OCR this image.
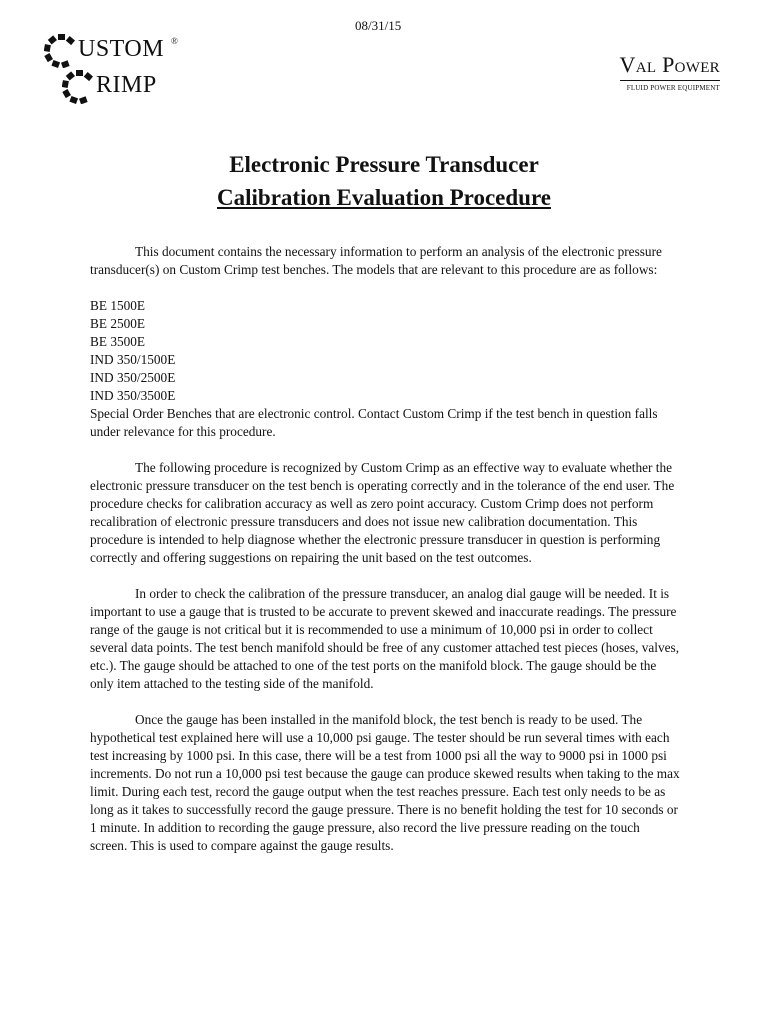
USTOM ®
RIMP
08/31/15
Val Power
FLUID POWER EQUIPMENT
Electronic Pressure Transducer
Calibration Evaluation Procedure

This document contains the necessary information to perform an analysis of the electronic pressure transducer(s) on Custom Crimp test benches. The models that are relevant to this procedure are as follows:

BE 1500E
BE 2500E
BE 3500E
IND 350/1500E
IND 350/2500E
IND 350/3500E
Special Order Benches that are electronic control. Contact Custom Crimp if the test bench in question falls under relevance for this procedure.

The following procedure is recognized by Custom Crimp as an effective way to evaluate whether the electronic pressure transducer on the test bench is operating correctly and in the tolerance of the end user. The procedure checks for calibration accuracy as well as zero point accuracy. Custom Crimp does not perform recalibration of electronic pressure transducers and does not issue new calibration documentation. This procedure is intended to help diagnose whether the electronic pressure transducer in question is performing correctly and offering suggestions on repairing the unit based on the test outcomes.

In order to check the calibration of the pressure transducer, an analog dial gauge will be needed. It is important to use a gauge that is trusted to be accurate to prevent skewed and inaccurate readings. The pressure range of the gauge is not critical but it is recommended to use a minimum of 10,000 psi in order to collect several data points. The test bench manifold should be free of any customer attached test pieces (hoses, valves, etc.). The gauge should be attached to one of the test ports on the manifold block. The gauge should be the only item attached to the testing side of the manifold.

Once the gauge has been installed in the manifold block, the test bench is ready to be used. The hypothetical test explained here will use a 10,000 psi gauge. The tester should be run several times with each test increasing by 1000 psi. In this case, there will be a test from 1000 psi all the way to 9000 psi in 1000 psi increments. Do not run a 10,000 psi test because the gauge can produce skewed results when taking to the max limit. During each test, record the gauge output when the test reaches pressure. Each test only needs to be as long as it takes to successfully record the gauge pressure. There is no benefit holding the test for 10 seconds or 1 minute. In addition to recording the gauge pressure, also record the live pressure reading on the touch screen. This is used to compare against the gauge results.
